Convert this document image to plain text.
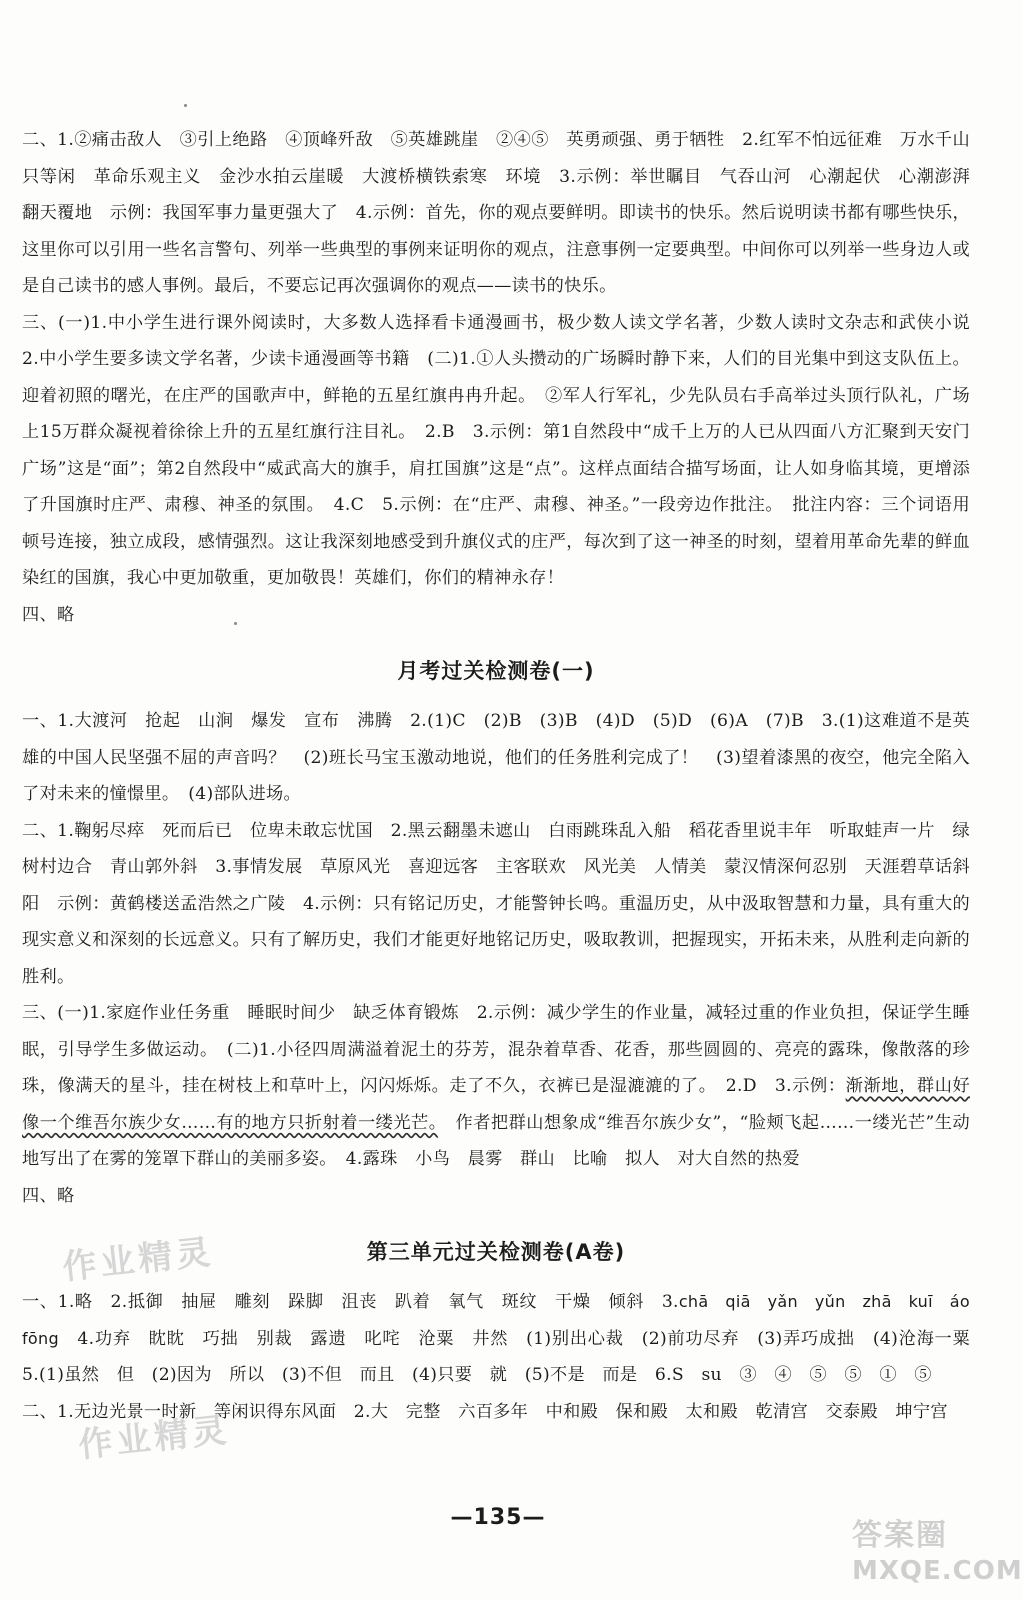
二、1.②痛击敌人　③引上绝路　④顶峰歼敌　⑤英雄跳崖　②④⑤　英勇顽强、勇于牺牲　2.红军不怕远征难　万水千山只等闲　革命乐观主义　金沙水拍云崖暖　大渡桥横铁索寒　环境　3.示例：举世瞩目　气吞山河　心潮起伏　心潮澎湃　翻天覆地　示例：我国军事力量更强大了　4.示例：首先，你的观点要鲜明。即读书的快乐。然后说明读书都有哪些快乐，这里你可以引用一些名言警句、列举一些典型的事例来证明你的观点，注意事例一定要典型。中间你可以列举一些身边人或是自己读书的感人事例。最后，不要忘记再次强调你的观点——读书的快乐。

三、(一)1.中小学生进行课外阅读时，大多数人选择看卡通漫画书，极少数人读文学名著，少数人读时文杂志和武侠小说　2.中小学生要多读文学名著，少读卡通漫画等书籍　(二)1.①人头攒动的广场瞬时静下来，人们的目光集中到这支队伍上。迎着初照的曙光，在庄严的国歌声中，鲜艳的五星红旗冉冉升起。　②军人行军礼，少先队员右手高举过头顶行队礼，广场上15万群众凝视着徐徐上升的五星红旗行注目礼。　2.B　3.示例：第1自然段中“成千上万的人已从四面八方汇聚到天安门广场”这是“面”；第2自然段中“威武高大的旗手，肩扛国旗”这是“点”。这样点面结合描写场面，让人如身临其境，更增添了升国旗时庄严、肃穆、神圣的氛围。　4.C　5.示例：在“庄严、肃穆、神圣。”一段旁边作批注。　批注内容：三个词语用顿号连接，独立成段，感情强烈。这让我深刻地感受到升旗仪式的庄严，每次到了这一神圣的时刻，望着用革命先辈的鲜血染红的国旗，我心中更加敬重，更加敬畏！英雄们，你们的精神永存！

四、略

月考过关检测卷(一)

一、1.大渡河　抢起　山涧　爆发　宣布　沸腾　2.(1)C　(2)B　(3)B　(4)D　(5)D　(6)A　(7)B　3.(1)这难道不是英雄的中国人民坚强不屈的声音吗？　(2)班长马宝玉激动地说，他们的任务胜利完成了！　(3)望着漆黑的夜空，他完全陷入了对未来的憧憬里。　(4)部队进场。

二、1.鞠躬尽瘁　死而后已　位卑未敢忘忧国　2.黑云翻墨未遮山　白雨跳珠乱入船　稻花香里说丰年　听取蛙声一片　绿树村边合　青山郭外斜　3.事情发展　草原风光　喜迎远客　主客联欢　风光美　人情美　蒙汉情深何忍别　天涯碧草话斜阳　示例：黄鹤楼送孟浩然之广陵　4.示例：只有铭记历史，才能警钟长鸣。重温历史，从中汲取智慧和力量，具有重大的现实意义和深刻的长远意义。只有了解历史，我们才能更好地铭记历史，吸取教训，把握现实，开拓未来，从胜利走向新的胜利。

三、(一)1.家庭作业任务重　睡眠时间少　缺乏体育锻炼　2.示例：减少学生的作业量，减轻过重的作业负担，保证学生睡眠，引导学生多做运动。　(二)1.小径四周满溢着泥土的芬芳，混杂着草香、花香，那些圆圆的、亮亮的露珠，像散落的珍珠，像满天的星斗，挂在树枝上和草叶上，闪闪烁烁。走了不久，衣裤已是湿漉漉的了。　2.D　3.示例：渐渐地，群山好像一个维吾尔族少女……有的地方只折射着一缕光芒。　作者把群山想象成“维吾尔族少女”，“脸颊飞起……一缕光芒”生动地写出了在雾的笼罩下群山的美丽多姿。　4.露珠　小鸟　晨雾　群山　比喻　拟人　对大自然的热爱

四、略

第三单元过关检测卷(A卷)

一、1.略　2.抵御　抽屉　雕刻　跺脚　沮丧　趴着　氧气　斑纹　干燥　倾斜　3.chā　qiā　yǎn　yǔn　zhā　kuī　áo　fōng　4.功弃　眈眈　巧拙　别裁　露遗　叱咤　沧粟　井然　(1)别出心裁　(2)前功尽弃　(3)弄巧成拙　(4)沧海一粟　5.(1)虽然　但　(2)因为　所以　(3)不但　而且　(4)只要　就　(5)不是　而是　6.S　su　③　④　⑤　⑤　①　⑤

二、1.无边光景一时新　等闲识得东风面　2.大　完整　六百多年　中和殿　保和殿　太和殿　乾清宫　交泰殿　坤宁宫

作业精灵
作业精灵
—135—
答案圈
MXQE.COM
